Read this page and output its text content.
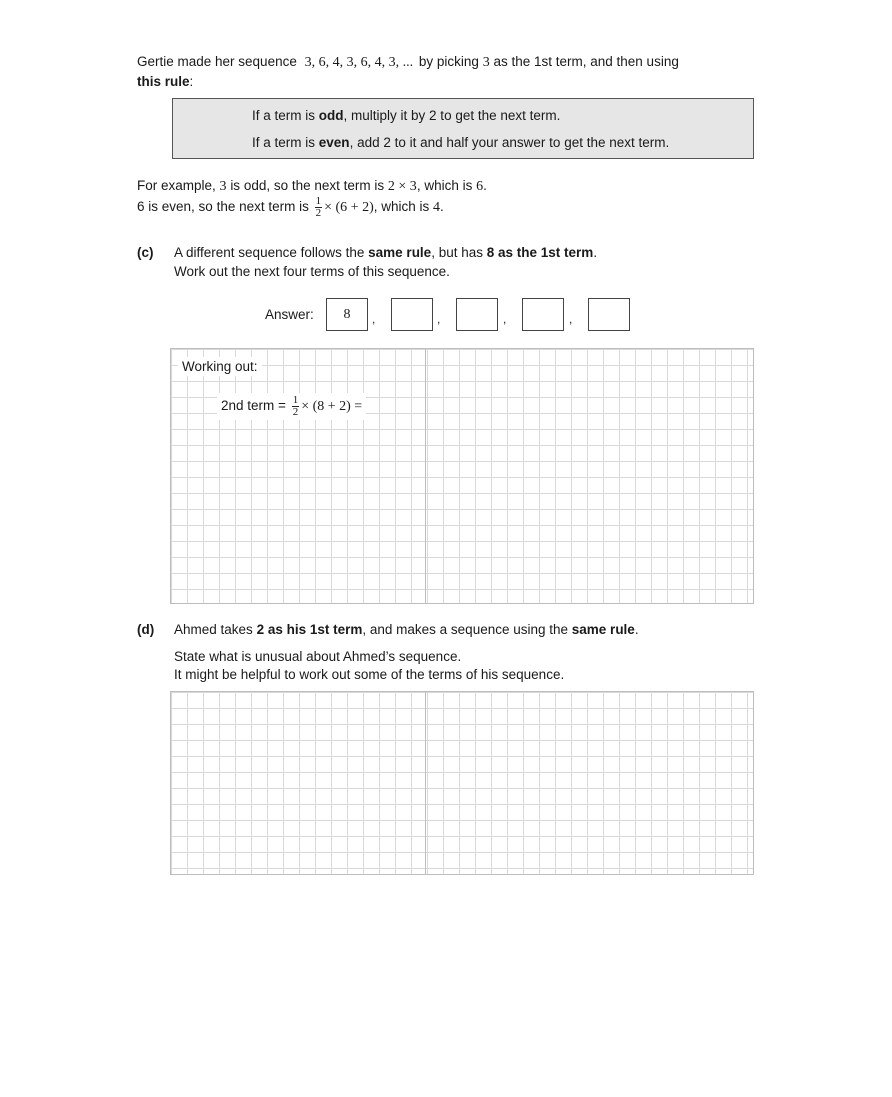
Gertie made her sequence 3, 6, 4, 3, 6, 4, 3, ... by picking 3 as the 1st term, and then using
this rule:
If a term is odd, multiply it by 2 to get the next term.
If a term is even, add 2 to it and half your answer to get the next term.
For example, 3 is odd, so the next term is 2 × 3, which is 6.
6 is even, so the next term is $\frac{1}{2} \times (6 + 2)$, which is 4.
(c) A different sequence follows the same rule, but has 8 as the 1st term.
Work out the next four terms of this sequence.
Answer:	8	,	,	,	,
Working out:
2nd term = $\frac{1}{2} \times (8 + 2)$ =
(d) Ahmed takes 2 as his 1st term, and makes a sequence using the same rule.
State what is unusual about Ahmed’s sequence.
It might be helpful to work out some of the terms of his sequence.
